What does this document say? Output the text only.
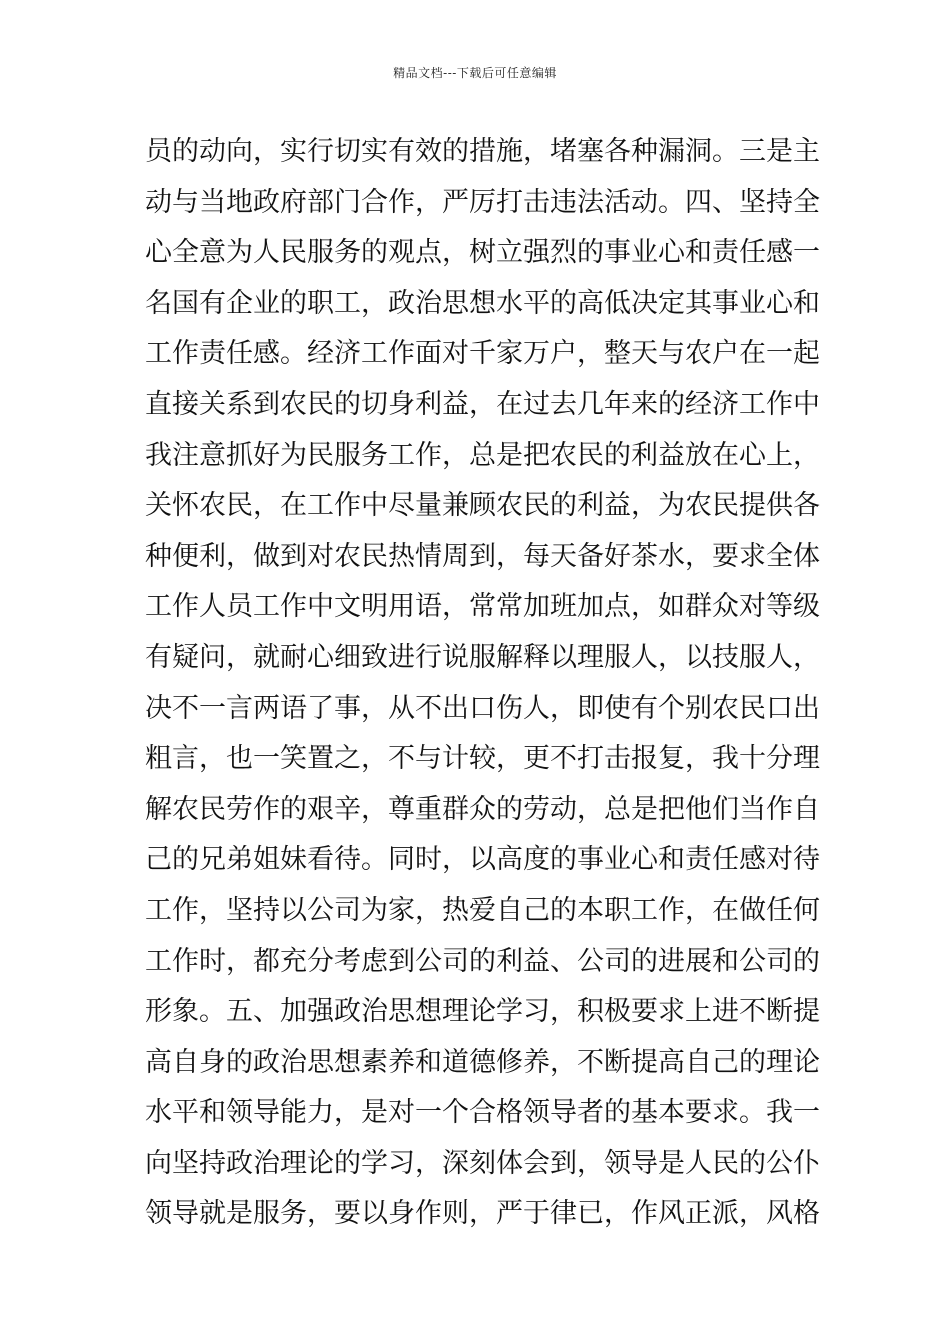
精品文档---下载后可任意编辑
员的动向，实行切实有效的措施，堵塞各种漏洞。三是主
动与当地政府部门合作，严厉打击违法活动。四、坚持全
心全意为人民服务的观点，树立强烈的事业心和责任感一
名国有企业的职工，政治思想水平的高低决定其事业心和
工作责任感。经济工作面对千家万户，整天与农户在一起
直接关系到农民的切身利益，在过去几年来的经济工作中
我注意抓好为民服务工作，总是把农民的利益放在心上，
关怀农民，在工作中尽量兼顾农民的利益，为农民提供各
种便利，做到对农民热情周到，每天备好茶水，要求全体
工作人员工作中文明用语，常常加班加点，如群众对等级
有疑问，就耐心细致进行说服解释以理服人，以技服人，
决不一言两语了事，从不出口伤人，即使有个别农民口出
粗言，也一笑置之，不与计较，更不打击报复，我十分理
解农民劳作的艰辛，尊重群众的劳动，总是把他们当作自
己的兄弟姐妹看待。同时，以高度的事业心和责任感对待
工作，坚持以公司为家，热爱自己的本职工作，在做任何
工作时，都充分考虑到公司的利益、公司的进展和公司的
形象。五、加强政治思想理论学习，积极要求上进不断提
高自身的政治思想素养和道德修养，不断提高自己的理论
水平和领导能力，是对一个合格领导者的基本要求。我一
向坚持政治理论的学习，深刻体会到，领导是人民的公仆
领导就是服务，要以身作则，严于律已，作风正派，风格
